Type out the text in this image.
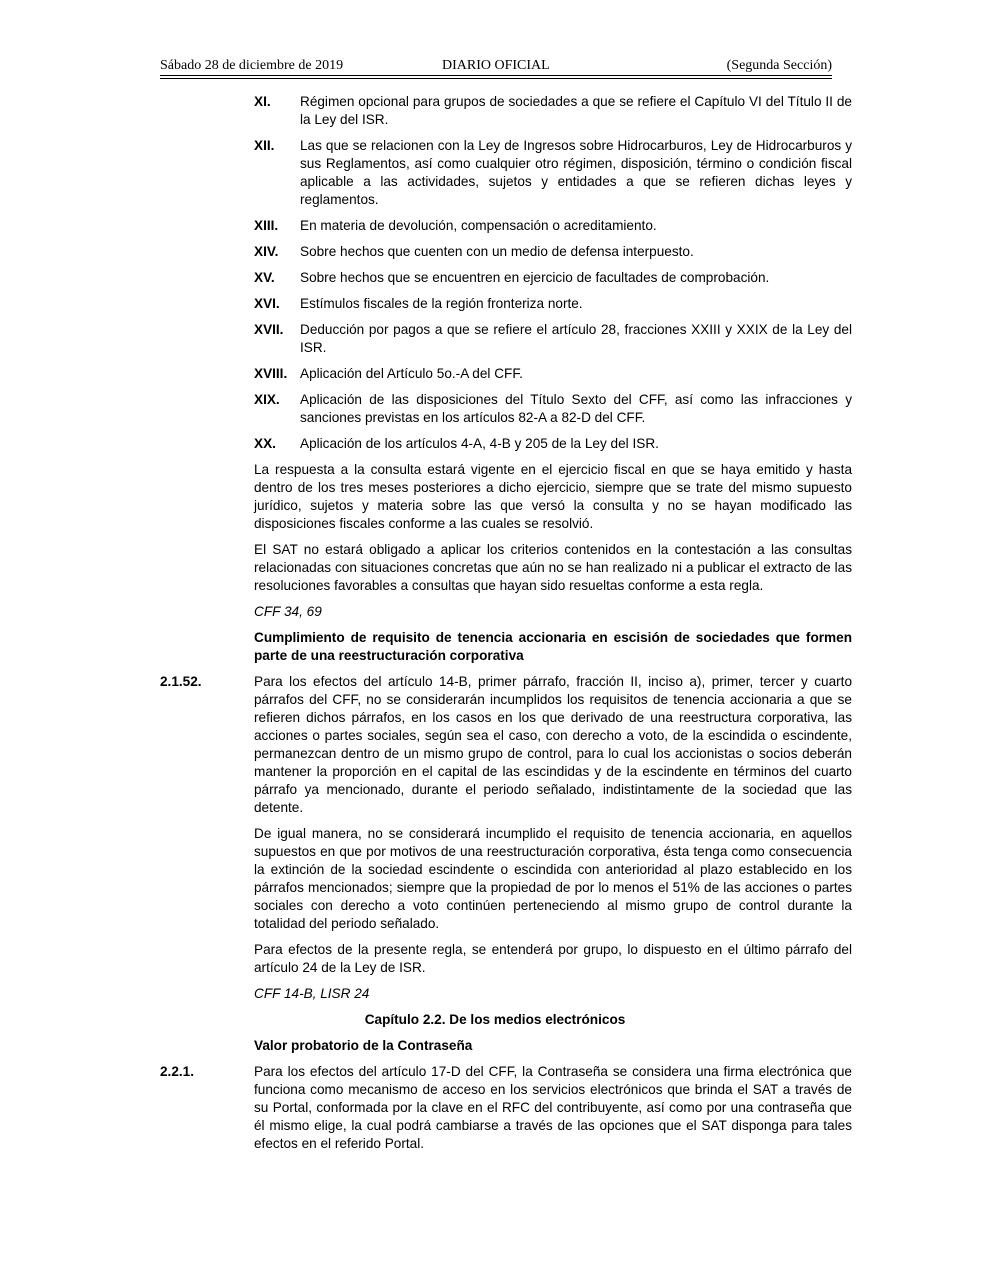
Sábado 28 de diciembre de 2019	DIARIO OFICIAL	(Segunda Sección)
XI. Régimen opcional para grupos de sociedades a que se refiere el Capítulo VI del Título II de la Ley del ISR.
XII. Las que se relacionen con la Ley de Ingresos sobre Hidrocarburos, Ley de Hidrocarburos y sus Reglamentos, así como cualquier otro régimen, disposición, término o condición fiscal aplicable a las actividades, sujetos y entidades a que se refieren dichas leyes y reglamentos.
XIII. En materia de devolución, compensación o acreditamiento.
XIV. Sobre hechos que cuenten con un medio de defensa interpuesto.
XV. Sobre hechos que se encuentren en ejercicio de facultades de comprobación.
XVI. Estímulos fiscales de la región fronteriza norte.
XVII. Deducción por pagos a que se refiere el artículo 28, fracciones XXIII y XXIX de la Ley del ISR.
XVIII. Aplicación del Artículo 5o.-A del CFF.
XIX. Aplicación de las disposiciones del Título Sexto del CFF, así como las infracciones y sanciones previstas en los artículos 82-A a 82-D del CFF.
XX. Aplicación de los artículos 4-A, 4-B y 205 de la Ley del ISR.
La respuesta a la consulta estará vigente en el ejercicio fiscal en que se haya emitido y hasta dentro de los tres meses posteriores a dicho ejercicio, siempre que se trate del mismo supuesto jurídico, sujetos y materia sobre las que versó la consulta y no se hayan modificado las disposiciones fiscales conforme a las cuales se resolvió.
El SAT no estará obligado a aplicar los criterios contenidos en la contestación a las consultas relacionadas con situaciones concretas que aún no se han realizado ni a publicar el extracto de las resoluciones favorables a consultas que hayan sido resueltas conforme a esta regla.
CFF 34, 69
Cumplimiento de requisito de tenencia accionaria en escisión de sociedades que formen parte de una reestructuración corporativa
2.1.52.	Para los efectos del artículo 14-B, primer párrafo, fracción II, inciso a), primer, tercer y cuarto párrafos del CFF, no se considerarán incumplidos los requisitos de tenencia accionaria a que se refieren dichos párrafos, en los casos en los que derivado de una reestructura corporativa, las acciones o partes sociales, según sea el caso, con derecho a voto, de la escindida o escindente, permanezcan dentro de un mismo grupo de control, para lo cual los accionistas o socios deberán mantener la proporción en el capital de las escindidas y de la escindente en términos del cuarto párrafo ya mencionado, durante el periodo señalado, indistintamente de la sociedad que las detente.
De igual manera, no se considerará incumplido el requisito de tenencia accionaria, en aquellos supuestos en que por motivos de una reestructuración corporativa, ésta tenga como consecuencia la extinción de la sociedad escindente o escindida con anterioridad al plazo establecido en los párrafos mencionados; siempre que la propiedad de por lo menos el 51% de las acciones o partes sociales con derecho a voto continúen perteneciendo al mismo grupo de control durante la totalidad del periodo señalado.
Para efectos de la presente regla, se entenderá por grupo, lo dispuesto en el último párrafo del artículo 24 de la Ley de ISR.
CFF 14-B, LISR 24
Capítulo 2.2. De los medios electrónicos
Valor probatorio de la Contraseña
2.2.1.	Para los efectos del artículo 17-D del CFF, la Contraseña se considera una firma electrónica que funciona como mecanismo de acceso en los servicios electrónicos que brinda el SAT a través de su Portal, conformada por la clave en el RFC del contribuyente, así como por una contraseña que él mismo elige, la cual podrá cambiarse a través de las opciones que el SAT disponga para tales efectos en el referido Portal.
